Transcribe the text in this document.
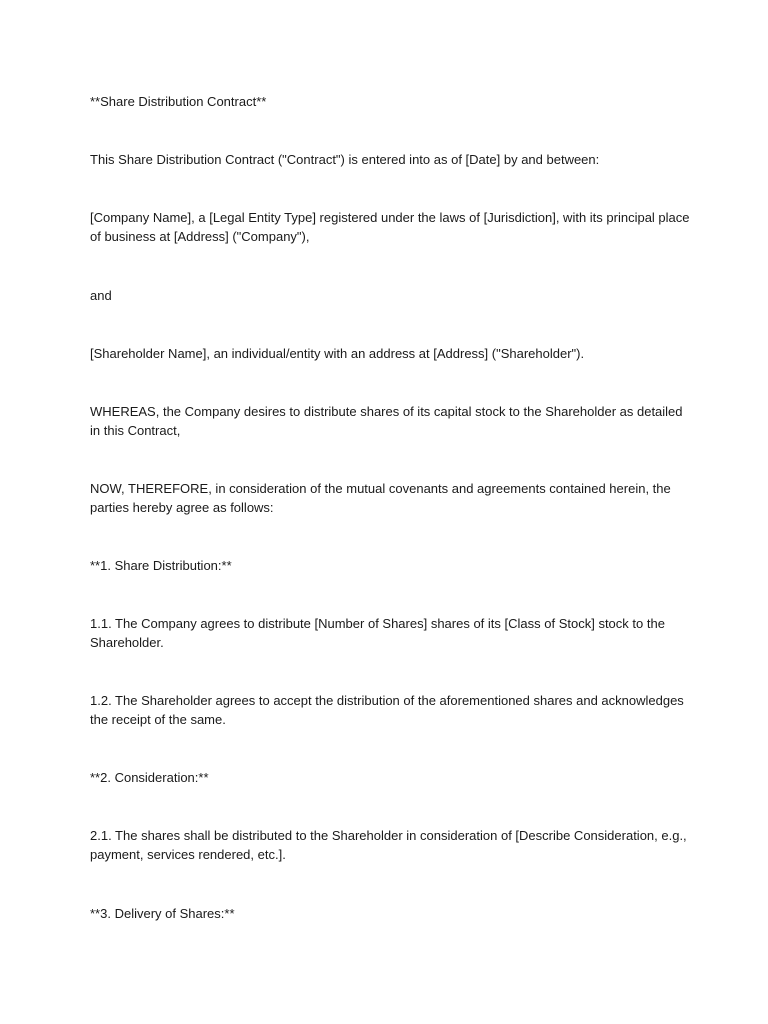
**Share Distribution Contract**

This Share Distribution Contract ("Contract") is entered into as of [Date] by and between:

[Company Name], a [Legal Entity Type] registered under the laws of [Jurisdiction], with its principal place of business at [Address] ("Company"),

and

[Shareholder Name], an individual/entity with an address at [Address] ("Shareholder").

WHEREAS, the Company desires to distribute shares of its capital stock to the Shareholder as detailed in this Contract,

NOW, THEREFORE, in consideration of the mutual covenants and agreements contained herein, the parties hereby agree as follows:

**1. Share Distribution:**

1.1. The Company agrees to distribute [Number of Shares] shares of its [Class of Stock] stock to the Shareholder.

1.2. The Shareholder agrees to accept the distribution of the aforementioned shares and acknowledges the receipt of the same.

**2. Consideration:**

2.1. The shares shall be distributed to the Shareholder in consideration of [Describe Consideration, e.g., payment, services rendered, etc.].

**3. Delivery of Shares:**
